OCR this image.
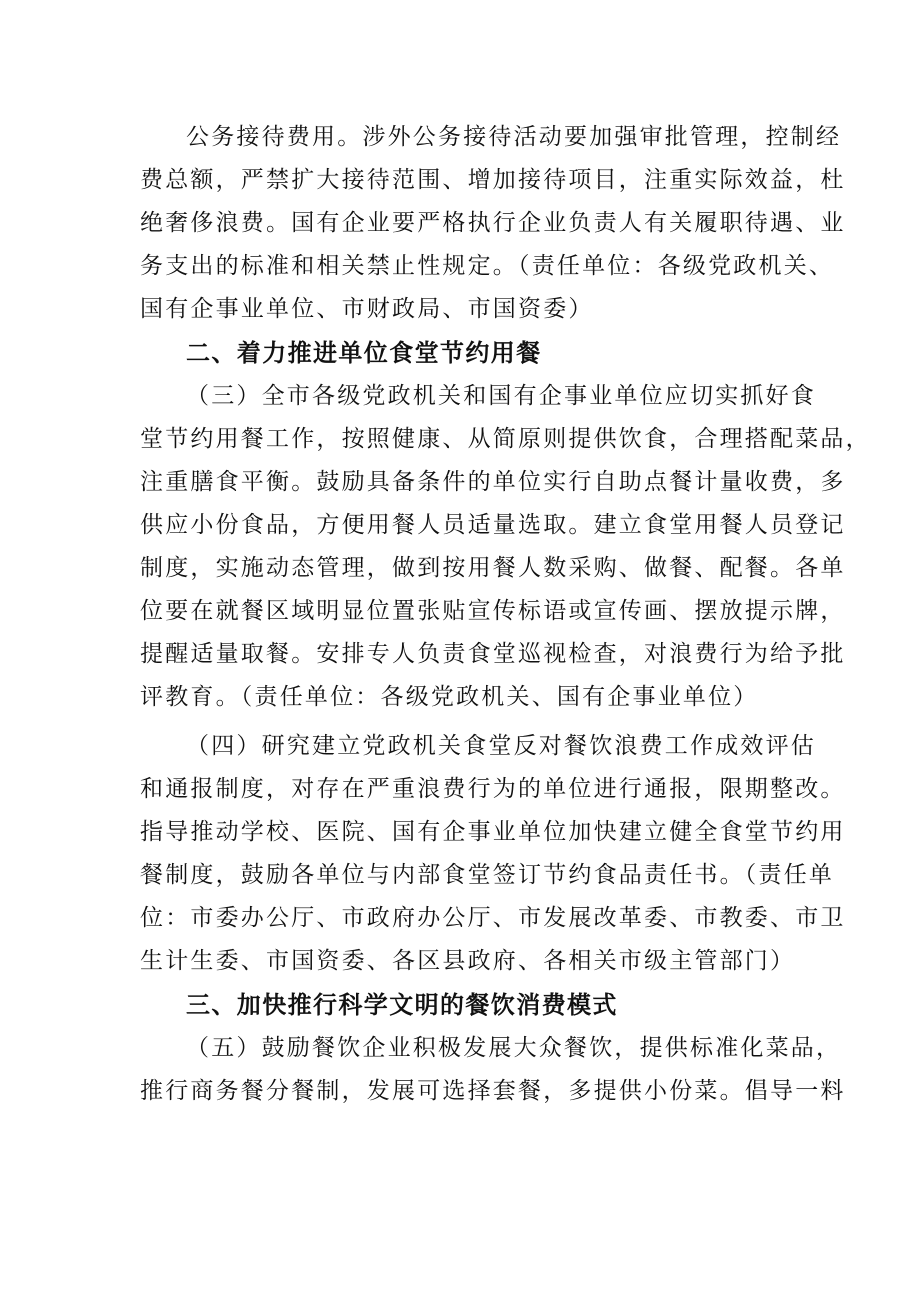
公务接待费用。涉外公务接待活动要加强审批管理，控制经
费总额，严禁扩大接待范围、增加接待项目，注重实际效益，杜
绝奢侈浪费。国有企业要严格执行企业负责人有关履职待遇、业
务支出的标准和相关禁止性规定。（责任单位：各级党政机关、
国有企事业单位、市财政局、市国资委）
二、着力推进单位食堂节约用餐
（三）全市各级党政机关和国有企事业单位应切实抓好食
堂节约用餐工作，按照健康、从简原则提供饮食，合理搭配菜品，
注重膳食平衡。鼓励具备条件的单位实行自助点餐计量收费，多
供应小份食品，方便用餐人员适量选取。建立食堂用餐人员登记
制度，实施动态管理，做到按用餐人数采购、做餐、配餐。各单
位要在就餐区域明显位置张贴宣传标语或宣传画、摆放提示牌，
提醒适量取餐。安排专人负责食堂巡视检查，对浪费行为给予批
评教育。（责任单位：各级党政机关、国有企事业单位）
（四）研究建立党政机关食堂反对餐饮浪费工作成效评估
和通报制度，对存在严重浪费行为的单位进行通报，限期整改。
指导推动学校、医院、国有企事业单位加快建立健全食堂节约用
餐制度，鼓励各单位与内部食堂签订节约食品责任书。（责任单
位：市委办公厅、市政府办公厅、市发展改革委、市教委、市卫
生计生委、市国资委、各区县政府、各相关市级主管部门）
三、加快推行科学文明的餐饮消费模式
（五）鼓励餐饮企业积极发展大众餐饮，提供标准化菜品，
推行商务餐分餐制，发展可选择套餐，多提供小份菜。倡导一料
